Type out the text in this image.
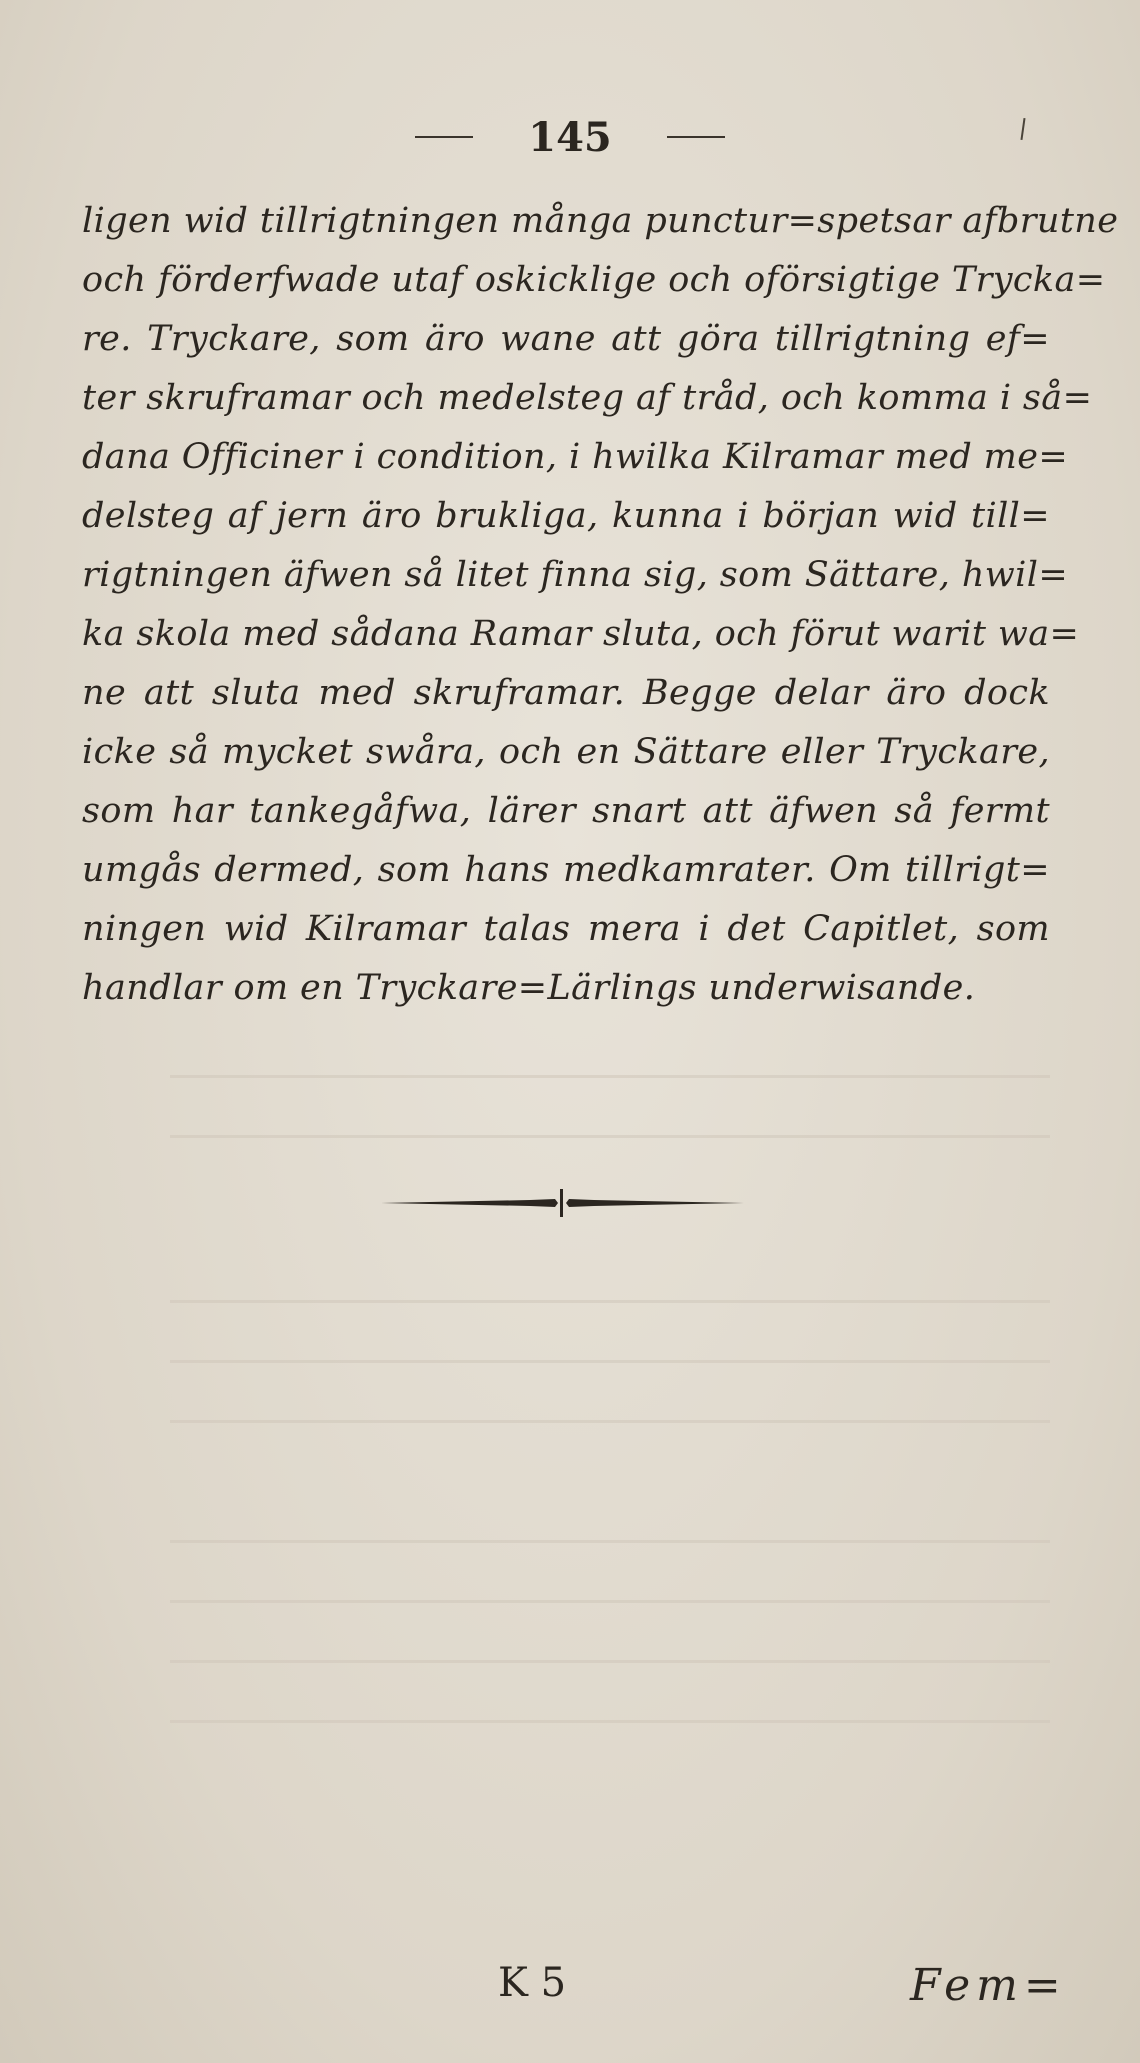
145
ligen wid tillrigtningen många punctur=spetsar afbrutne
och förderfwade utaf oskicklige och oförsigtige Trycka=
re. Tryckare, som äro wane att göra tillrigtning ef=
ter skruframar och medelsteg af tråd, och komma i så=
dana Officiner i condition, i hwilka Kilramar med me=
delsteg af jern äro brukliga, kunna i början wid till=
rigtningen äfwen så litet finna sig, som Sättare, hwil=
ka skola med sådana Ramar sluta, och förut warit wa=
ne att sluta med skruframar. Begge delar äro dock
icke så mycket swåra, och en Sättare eller Tryckare,
som har tankegåfwa, lärer snart att äfwen så fermt
umgås dermed, som hans medkamrater. Om tillrigt=
ningen wid Kilramar talas mera i det Capitlet, som
handlar om en Tryckare=Lärlings underwisande.
K 5	Fem=
